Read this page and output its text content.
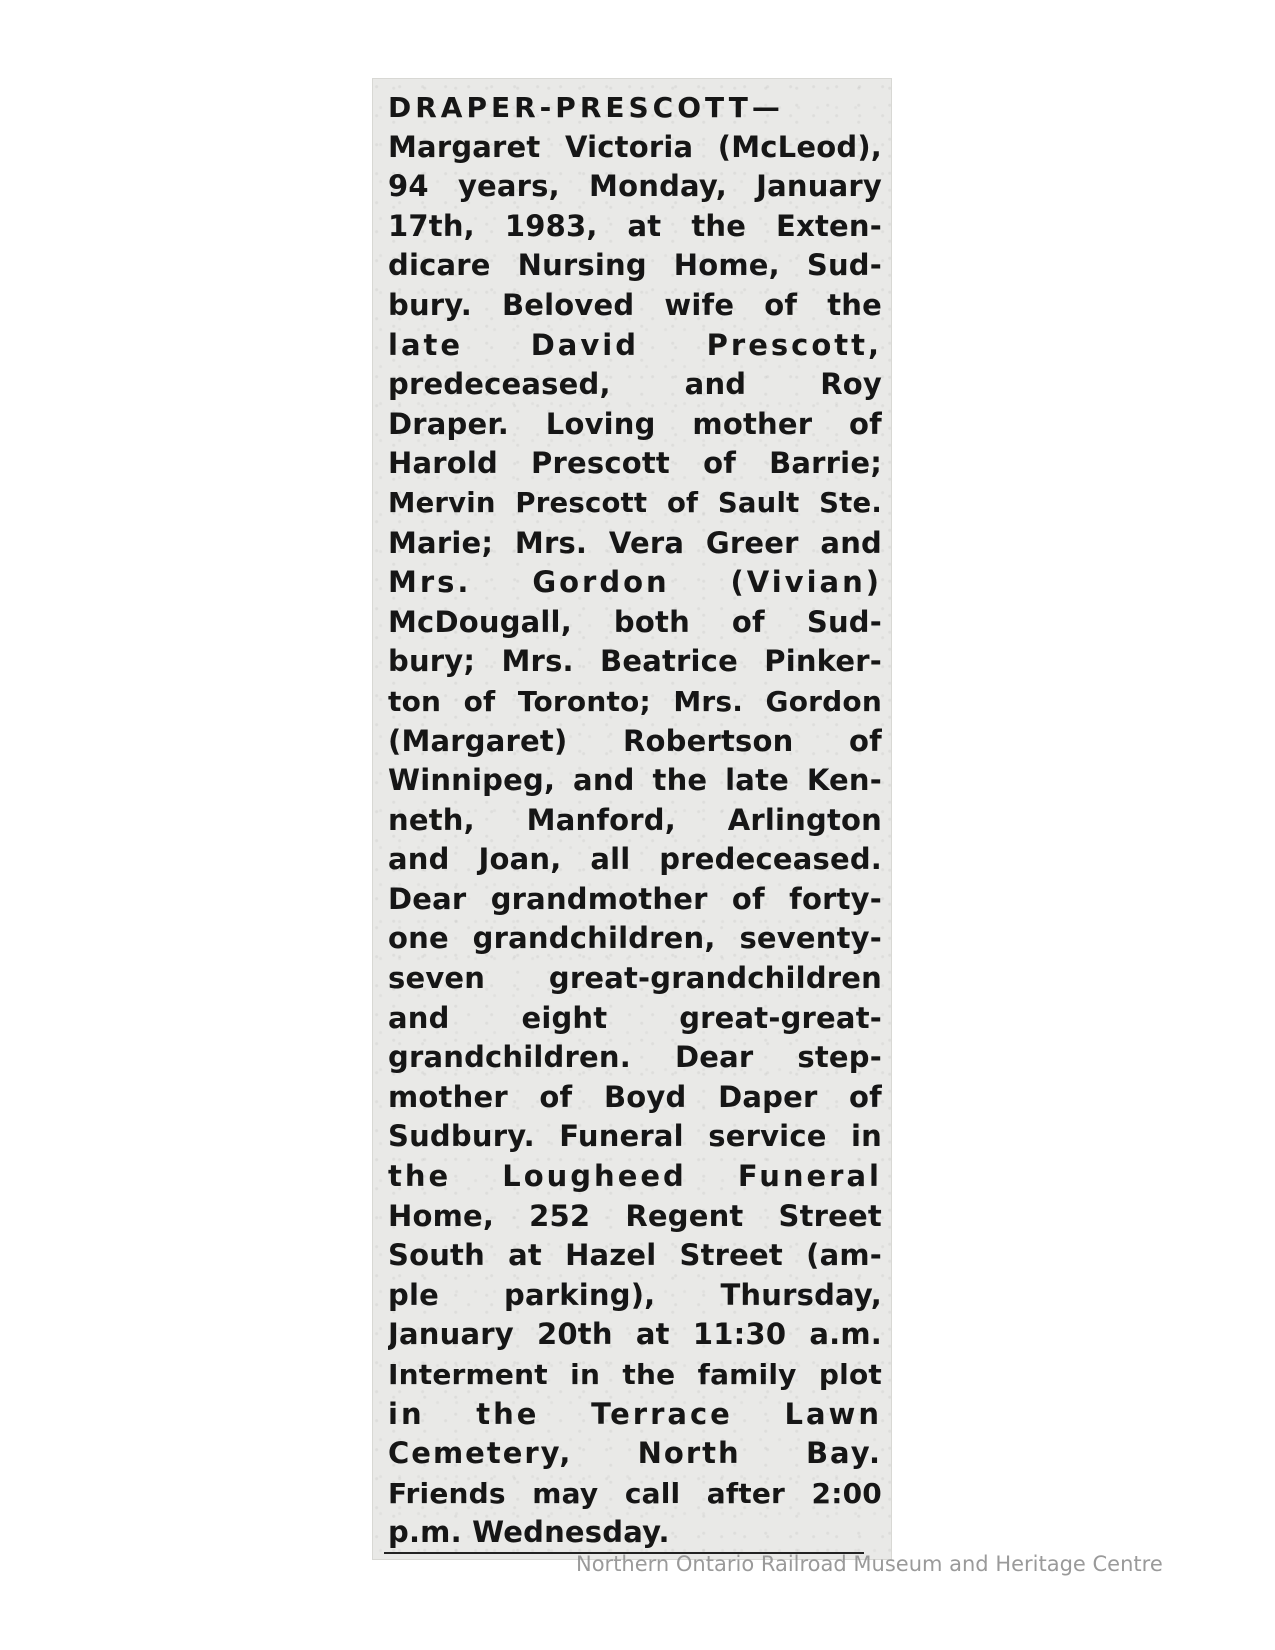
DRAPER-PRESCOTT—
Margaret Victoria (McLeod),
94 years, Monday, January
17th, 1983, at the Exten-
dicare Nursing Home, Sud-
bury. Beloved wife of the
late David Prescott,
predeceased, and Roy
Draper. Loving mother of
Harold Prescott of Barrie;
Mervin Prescott of Sault Ste.
Marie; Mrs. Vera Greer and
Mrs. Gordon (Vivian)
McDougall, both of Sud-
bury; Mrs. Beatrice Pinker-
ton of Toronto; Mrs. Gordon
(Margaret) Robertson of
Winnipeg, and the late Ken-
neth, Manford, Arlington
and Joan, all predeceased.
Dear grandmother of forty-
one grandchildren, seventy-
seven great-grandchildren
and eight great-great-
grandchildren. Dear step-
mother of Boyd Daper of
Sudbury. Funeral service in
the Lougheed Funeral
Home, 252 Regent Street
South at Hazel Street (am-
ple parking), Thursday,
January 20th at 11:30 a.m.
Interment in the family plot
in the Terrace Lawn
Cemetery, North Bay.
Friends may call after 2:00
p.m. Wednesday.
Northern Ontario Railroad Museum and Heritage Centre
